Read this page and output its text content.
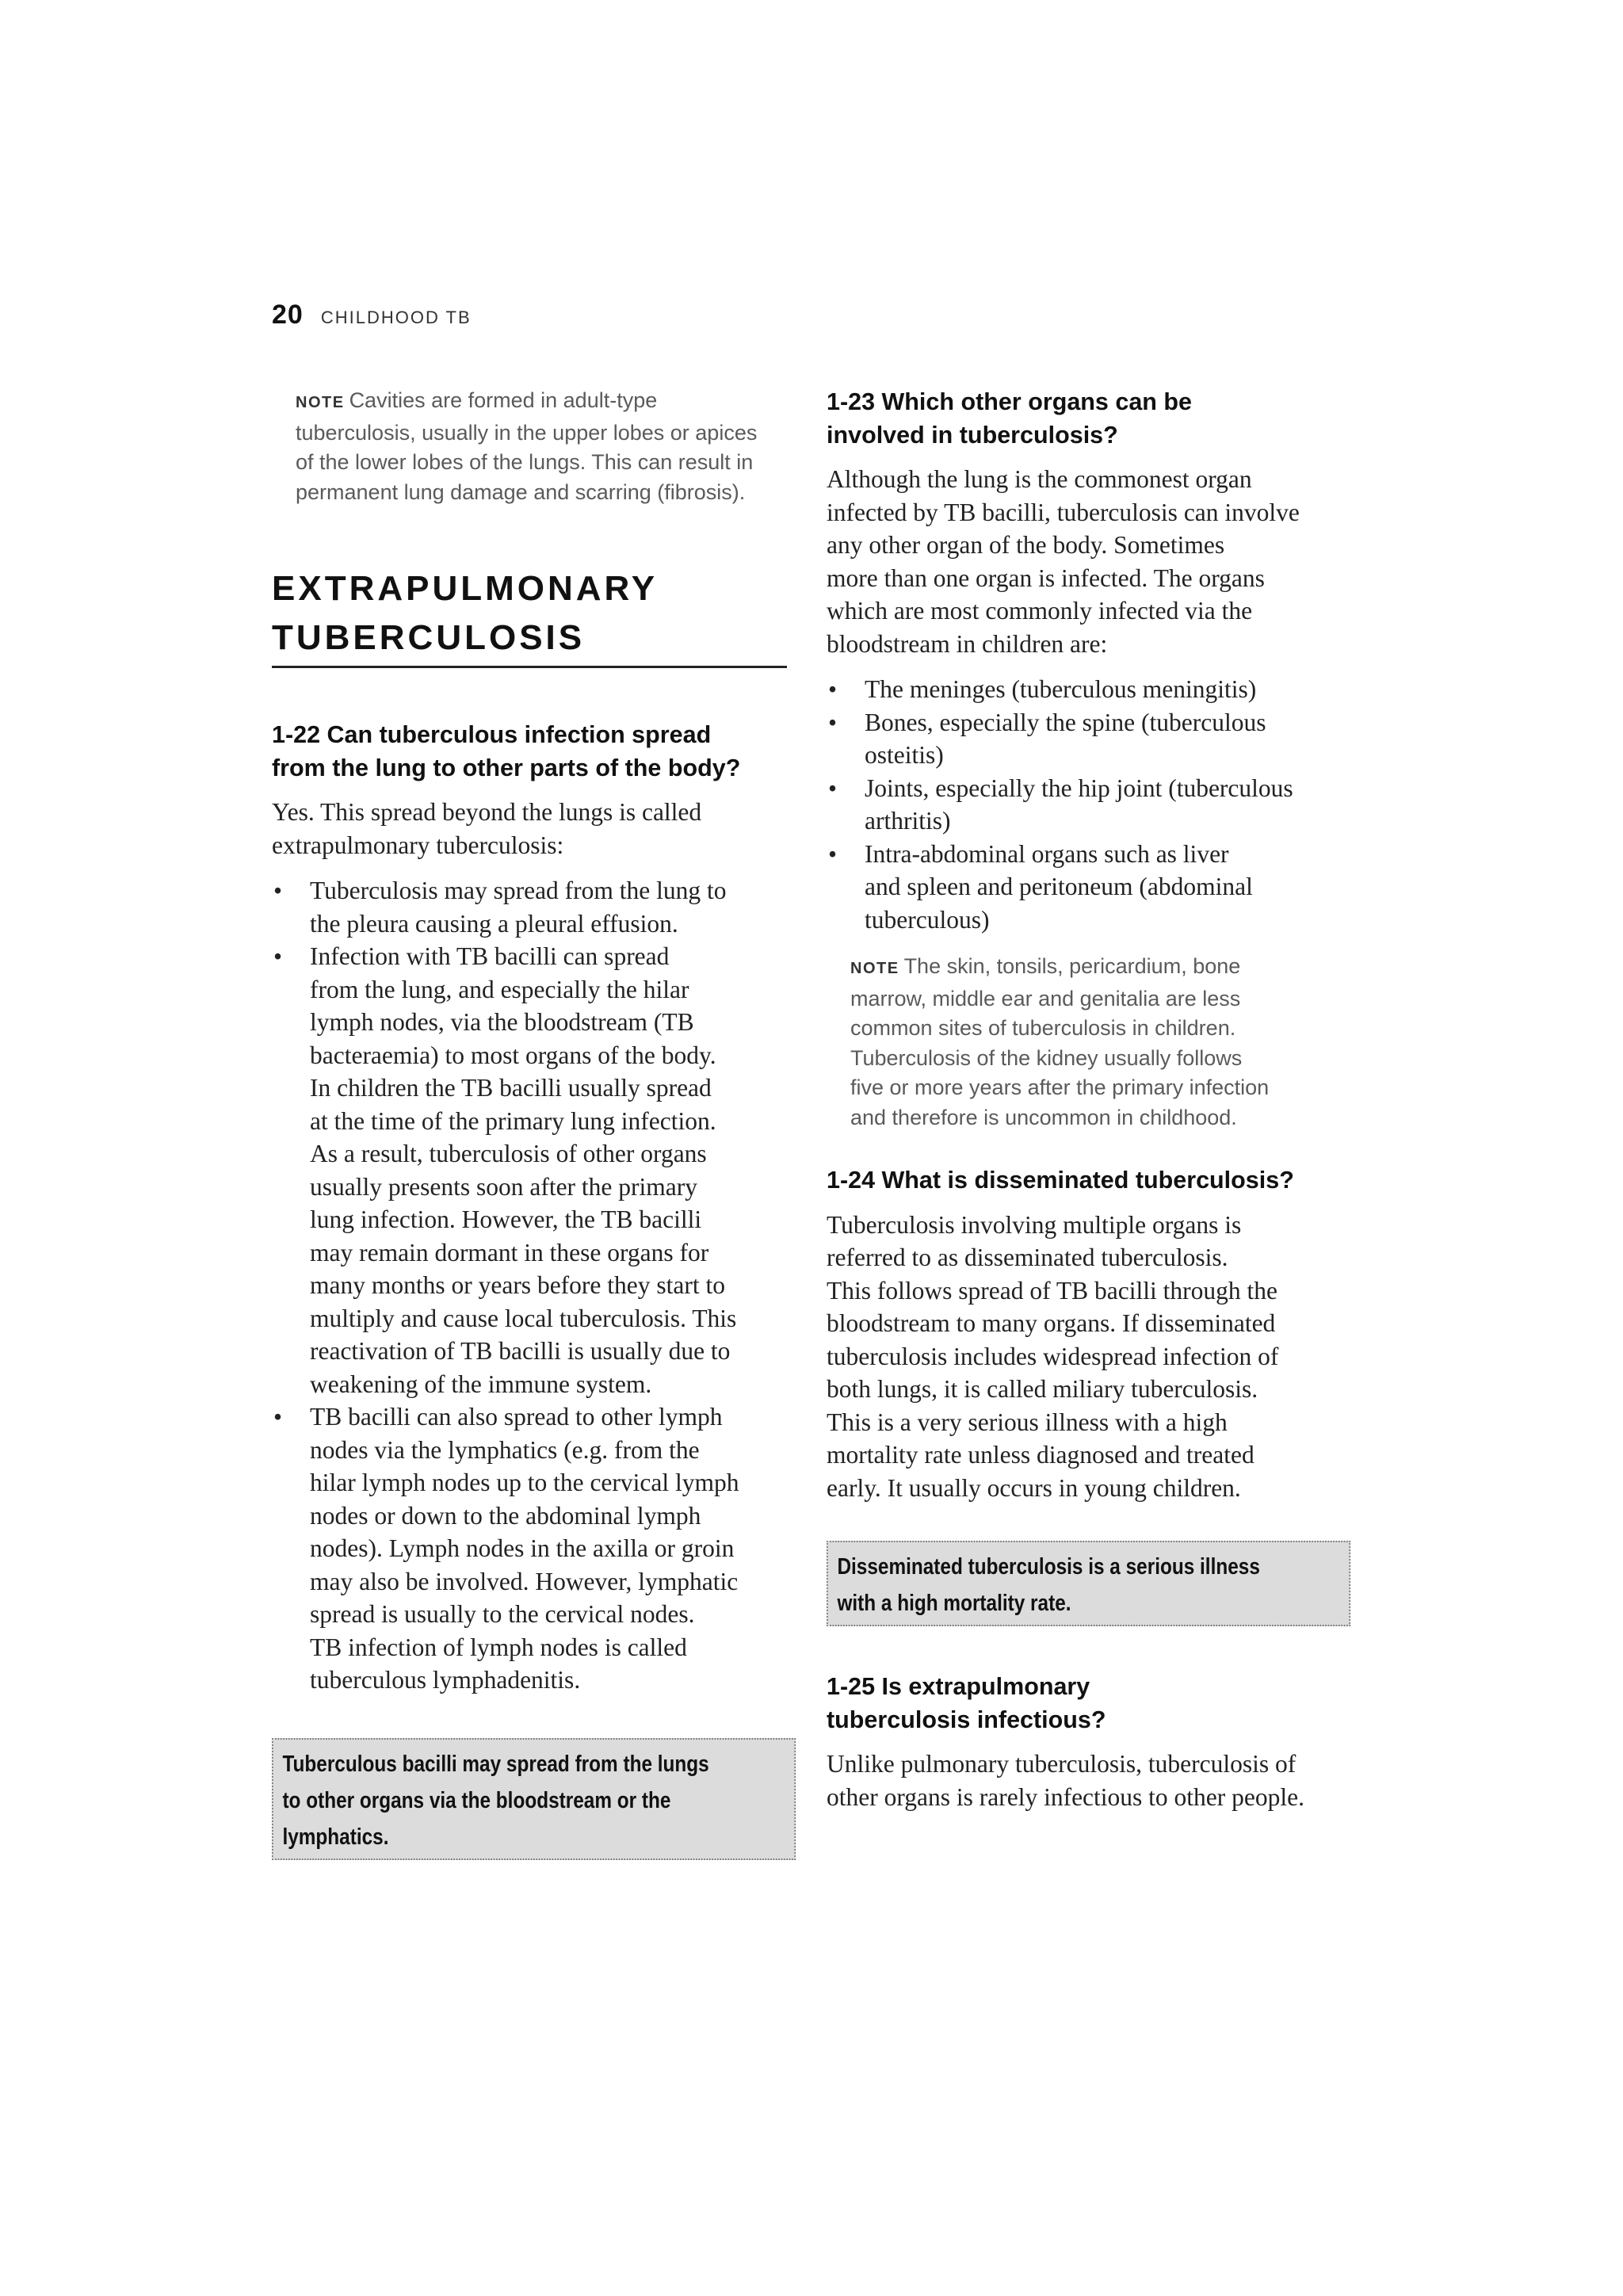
20 CHILDHOOD TB

NOTE Cavities are formed in adult-type
tuberculosis, usually in the upper lobes or apices
of the lower lobes of the lungs. This can result in
permanent lung damage and scarring (fibrosis).

EXTRAPULMONARY
TUBERCULOSIS
1-22 Can tuberculous infection spread
from the lung to other parts of the body?

Yes. This spread beyond the lungs is called
extrapulmonary tuberculosis:

• Tuberculosis may spread from the lung to
the pleura causing a pleural effusion.
• Infection with TB bacilli can spread
from the lung, and especially the hilar
lymph nodes, via the bloodstream (TB
bacteraemia) to most organs of the body.
In children the TB bacilli usually spread
at the time of the primary lung infection.
As a result, tuberculosis of other organs
usually presents soon after the primary
lung infection. However, the TB bacilli
may remain dormant in these organs for
many months or years before they start to
multiply and cause local tuberculosis. This
reactivation of TB bacilli is usually due to
weakening of the immune system.
• TB bacilli can also spread to other lymph
nodes via the lymphatics (e.g. from the
hilar lymph nodes up to the cervical lymph
nodes or down to the abdominal lymph
nodes). Lymph nodes in the axilla or groin
may also be involved. However, lymphatic
spread is usually to the cervical nodes.
TB infection of lymph nodes is called
tuberculous lymphadenitis.
Tuberculous bacilli may spread from the lungs
to other organs via the bloodstream or the
lymphatics.
1-23 Which other organs can be
involved in tuberculosis?

Although the lung is the commonest organ
infected by TB bacilli, tuberculosis can involve
any other organ of the body. Sometimes
more than one organ is infected. The organs
which are most commonly infected via the
bloodstream in children are:

• The meninges (tuberculous meningitis)
• Bones, especially the spine (tuberculous
osteitis)
• Joints, especially the hip joint (tuberculous
arthritis)
• Intra-abdominal organs such as liver
and spleen and peritoneum (abdominal
tuberculous)

NOTE The skin, tonsils, pericardium, bone
marrow, middle ear and genitalia are less
common sites of tuberculosis in children.
Tuberculosis of the kidney usually follows
five or more years after the primary infection
and therefore is uncommon in childhood.

1-24 What is disseminated tuberculosis?

Tuberculosis involving multiple organs is
referred to as disseminated tuberculosis.
This follows spread of TB bacilli through the
bloodstream to many organs. If disseminated
tuberculosis includes widespread infection of
both lungs, it is called miliary tuberculosis.
This is a very serious illness with a high
mortality rate unless diagnosed and treated
early. It usually occurs in young children.

Disseminated tuberculosis is a serious illness
with a high mortality rate.
1-25 Is extrapulmonary
tuberculosis infectious?

Unlike pulmonary tuberculosis, tuberculosis of
other organs is rarely infectious to other people.
